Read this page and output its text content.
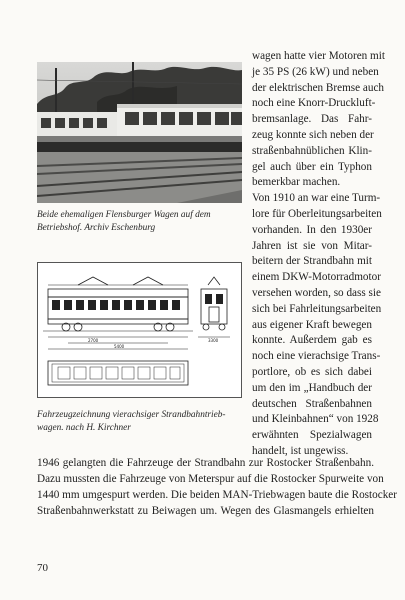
Beide ehemaligen Flensburger Wagen auf dem Betriebshof. Archiv Eschenburg
2700
5400
3300
Fahrzeugzeichnung vierachsiger Strandbahntrieb-wagen. nach H. Kirchner
wagen hatte vier Motoren mit
je 35 PS (26 kW) und neben
der elektrischen Bremse auch
noch eine Knorr-Druckluft-
bremsanlage. Das Fahr-
zeug konnte sich neben der
straßenbahnüblichen Klin-
gel auch über ein Typhon
bemerkbar machen.
Von 1910 an war eine Turm-
lore für Oberleitungsarbeiten
vorhanden. In den 1930er
Jahren ist sie von Mitar-
beitern der Strandbahn mit
einem DKW-Motorradmotor
versehen worden, so dass sie
sich bei Fahrleitungsarbeiten
aus eigener Kraft bewegen
konnte. Außerdem gab es
noch eine vierachsige Trans-
portlore, ob es sich dabei
um den im „Handbuch der
deutschen Straßenbahnen
und Kleinbahnen“ von 1928
erwähnten Spezialwagen
handelt, ist ungewiss.
1946 gelangten die Fahrzeuge der Strandbahn zur Rostocker Straßenbahn.
Dazu mussten die Fahrzeuge von Meterspur auf die Rostocker Spurweite von
1440 mm umgespurt werden. Die beiden MAN-Triebwagen baute die Rostocker
Straßenbahnwerkstatt zu Beiwagen um. Wegen des Glasmangels erhielten
70
